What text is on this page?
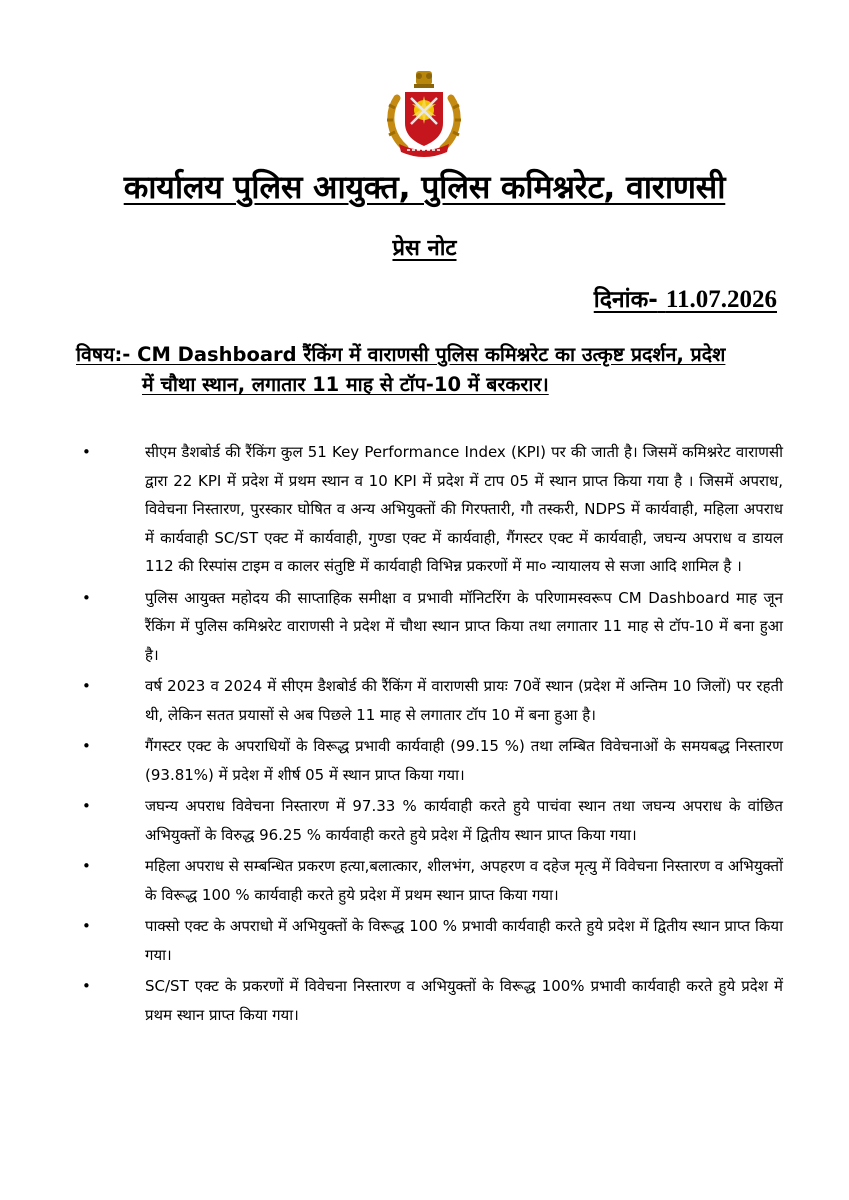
कार्यालय पुलिस आयुक्त, पुलिस कमिश्नरेट, वाराणसी
प्रेस नोट
दिनांक- 11.07.2026
विषय:- CM Dashboard रैंकिंग में वाराणसी पुलिस कमिश्नरेट का उत्कृष्ट प्रदर्शन, प्रदेश
में चौथा स्थान, लगातार 11 माह से टॉप-10 में बरकरार।
•	सीएम डैशबोर्ड की रैंकिंग कुल 51 Key Performance Index (KPI) पर की जाती है। जिसमें कमिश्नरेट वाराणसी द्वारा 22 KPI में प्रदेश में प्रथम स्थान व 10 KPI में प्रदेश में टाप 05 में स्थान प्राप्त किया गया है । जिसमें अपराध, विवेचना निस्तारण, पुरस्कार घोषित व अन्य अभियुक्तों की गिरफ्तारी, गौ तस्करी, NDPS में कार्यवाही, महिला अपराध में कार्यवाही SC/ST एक्ट में कार्यवाही, गुण्डा एक्ट में कार्यवाही, गैंगस्टर एक्ट में कार्यवाही, जघन्य अपराध व डायल 112 की रिस्पांस टाइम व कालर संतुष्टि में कार्यवाही विभिन्न प्रकरणों में मा० न्यायालय से सजा आदि शामिल है ।
•	पुलिस आयुक्त महोदय की साप्ताहिक समीक्षा व प्रभावी मॉनिटरिंग के परिणामस्वरूप CM Dashboard माह जून रैंकिंग में पुलिस कमिश्नरेट वाराणसी ने प्रदेश में चौथा स्थान प्राप्त किया तथा लगातार 11 माह से टॉप-10 में बना हुआ है।
•	वर्ष 2023 व 2024 में सीएम डैशबोर्ड की रैंकिंग में वाराणसी प्रायः 70वें स्थान (प्रदेश में अन्तिम 10 जिलों) पर रहती थी, लेकिन सतत प्रयासों से अब पिछले 11 माह से लगातार टॉप 10 में बना हुआ है।
•	गैंगस्टर एक्ट के अपराधियों के विरूद्ध प्रभावी कार्यवाही (99.15 %) तथा लम्बित विवेचनाओं के समयबद्ध निस्तारण (93.81%) में प्रदेश में शीर्ष 05 में स्थान प्राप्त किया गया।
•	जघन्य अपराध विवेचना निस्तारण में 97.33 % कार्यवाही करते हुये पाचंवा स्थान तथा जघन्य अपराध के वांछित अभियुक्तों के विरुद्ध 96.25 % कार्यवाही करते हुये प्रदेश में द्वितीय स्थान प्राप्त किया गया।
•	महिला अपराध से सम्बन्धित प्रकरण हत्या,बलात्कार, शीलभंग, अपहरण व दहेज मृत्यु में विवेचना निस्तारण व अभियुक्तों के विरूद्ध 100 % कार्यवाही करते हुये प्रदेश में प्रथम स्थान प्राप्त किया गया।
•	पाक्सो एक्ट के अपराधो में अभियुक्तों के विरूद्ध 100 % प्रभावी कार्यवाही करते हुये प्रदेश में द्वितीय स्थान प्राप्त किया गया।
•	SC/ST एक्ट के प्रकरणों में विवेचना निस्तारण व अभियुक्तों के विरूद्ध 100% प्रभावी कार्यवाही करते हुये प्रदेश में प्रथम स्थान प्राप्त किया गया।
